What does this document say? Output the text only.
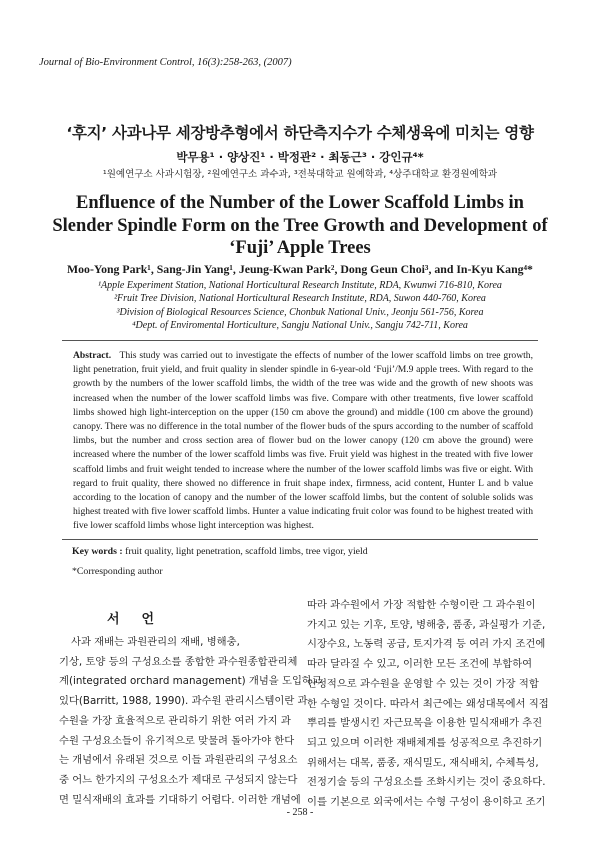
Journal of Bio-Environment Control, 16(3):258-263, (2007)
‘후지’ 사과나무 세장방추형에서 하단측지수가 수체생육에 미치는 영향
박무용¹ · 양상진¹ · 박정관² · 최동근³ · 강인규⁴*
¹원예연구소 사과시험장, ²원예연구소 과수과, ³전북대학교 원예학과, ⁴상주대학교 환경원예학과
Enfluence of the Number of the Lower Scaffold Limbs in Slender Spindle Form on the Tree Growth and Development of ‘Fuji’ Apple Trees
Moo-Yong Park¹, Sang-Jin Yang¹, Jeung-Kwan Park², Dong Geun Choi³, and In-Kyu Kang⁴*
¹Apple Experiment Station, National Horticultural Research Institute, RDA, Kwunwi 716-810, Korea
²Fruit Tree Division, National Horticultural Research Institute, RDA, Suwon 440-760, Korea
³Division of Biological Resources Science, Chonbuk National Univ., Jeonju 561-756, Korea
⁴Dept. of Enviromental Horticulture, Sangju National Univ., Sangju 742-711, Korea
Abstract. This study was carried out to investigate the effects of number of the lower scaffold limbs on tree growth, light penetration, fruit yield, and fruit quality in slender spindle in 6-year-old ‘Fuji’/M.9 apple trees. With regard to the growth by the numbers of the lower scaffold limbs, the width of the tree was wide and the growth of new shoots was increased when the number of the lower scaffold limbs was five. Compare with other treatments, five lower scaffold limbs showed high light-interception on the upper (150 cm above the ground) and middle (100 cm above the ground) canopy. There was no difference in the total number of the flower buds of the spurs according to the number of scaffold limbs, but the number and cross section area of flower bud on the lower canopy (120 cm above the ground) were increased where the number of the lower scaffold limbs was five. Fruit yield was highest in the treated with five lower scaffold limbs and fruit weight tended to increase where the number of the lower scaffold limbs was five or eight. With regard to fruit quality, there showed no difference in fruit shape index, firmness, acid content, Hunter L and b value according to the location of canopy and the number of the lower scaffold limbs, but the content of soluble solids was highest treated with five lower scaffold limbs. Hunter a value indicating fruit color was found to be highest treated with five lower scaffold limbs whose light interception was highest.
Key words : fruit quality, light penetration, scaffold limbs, tree vigor, yield
*Corresponding author
서언
사과 재배는 과원관리의 재배, 병해충,
기상, 토양 등의 구성요소를 종합한 과수원종합관리체
계(integrated orchard management) 개념을 도입하고
있다(Barritt, 1988, 1990). 과수원 관리시스템이란 과
수원을 가장 효율적으로 관리하기 위한 여러 가지 과
수원 구성요소들이 유기적으로 맞물려 돌아가야 한다
는 개념에서 유래된 것으로 이들 과원관리의 구성요소
중 어느 한가지의 구성요소가 제대로 구성되지 않는다
면 밀식재배의 효과를 기대하기 어렵다. 이러한 개념에
따라 과수원에서 가장 적합한 수형이란 그 과수원이
가지고 있는 기후, 토양, 병해충, 품종, 과실평가 기준,
시장수요, 노동력 공급, 토지가격 등 여러 가지 조건에
따라 달라질 수 있고, 이러한 모든 조건에 부합하여
안정적으로 과수원을 운영할 수 있는 것이 가장 적합
한 수형일 것이다. 따라서 최근에는 왜성대목에서 직접
뿌리를 발생시킨 자근묘목을 이용한 밀식재배가 추진
되고 있으며 이러한 재배체계를 성공적으로 추진하기
위해서는 대목, 품종, 재식밀도, 재식배치, 수체특성,
전정기술 등의 구성요소를 조화시키는 것이 중요하다.
이를 기본으로 외국에서는 수형 구성이 용이하고 조기
- 258 -
